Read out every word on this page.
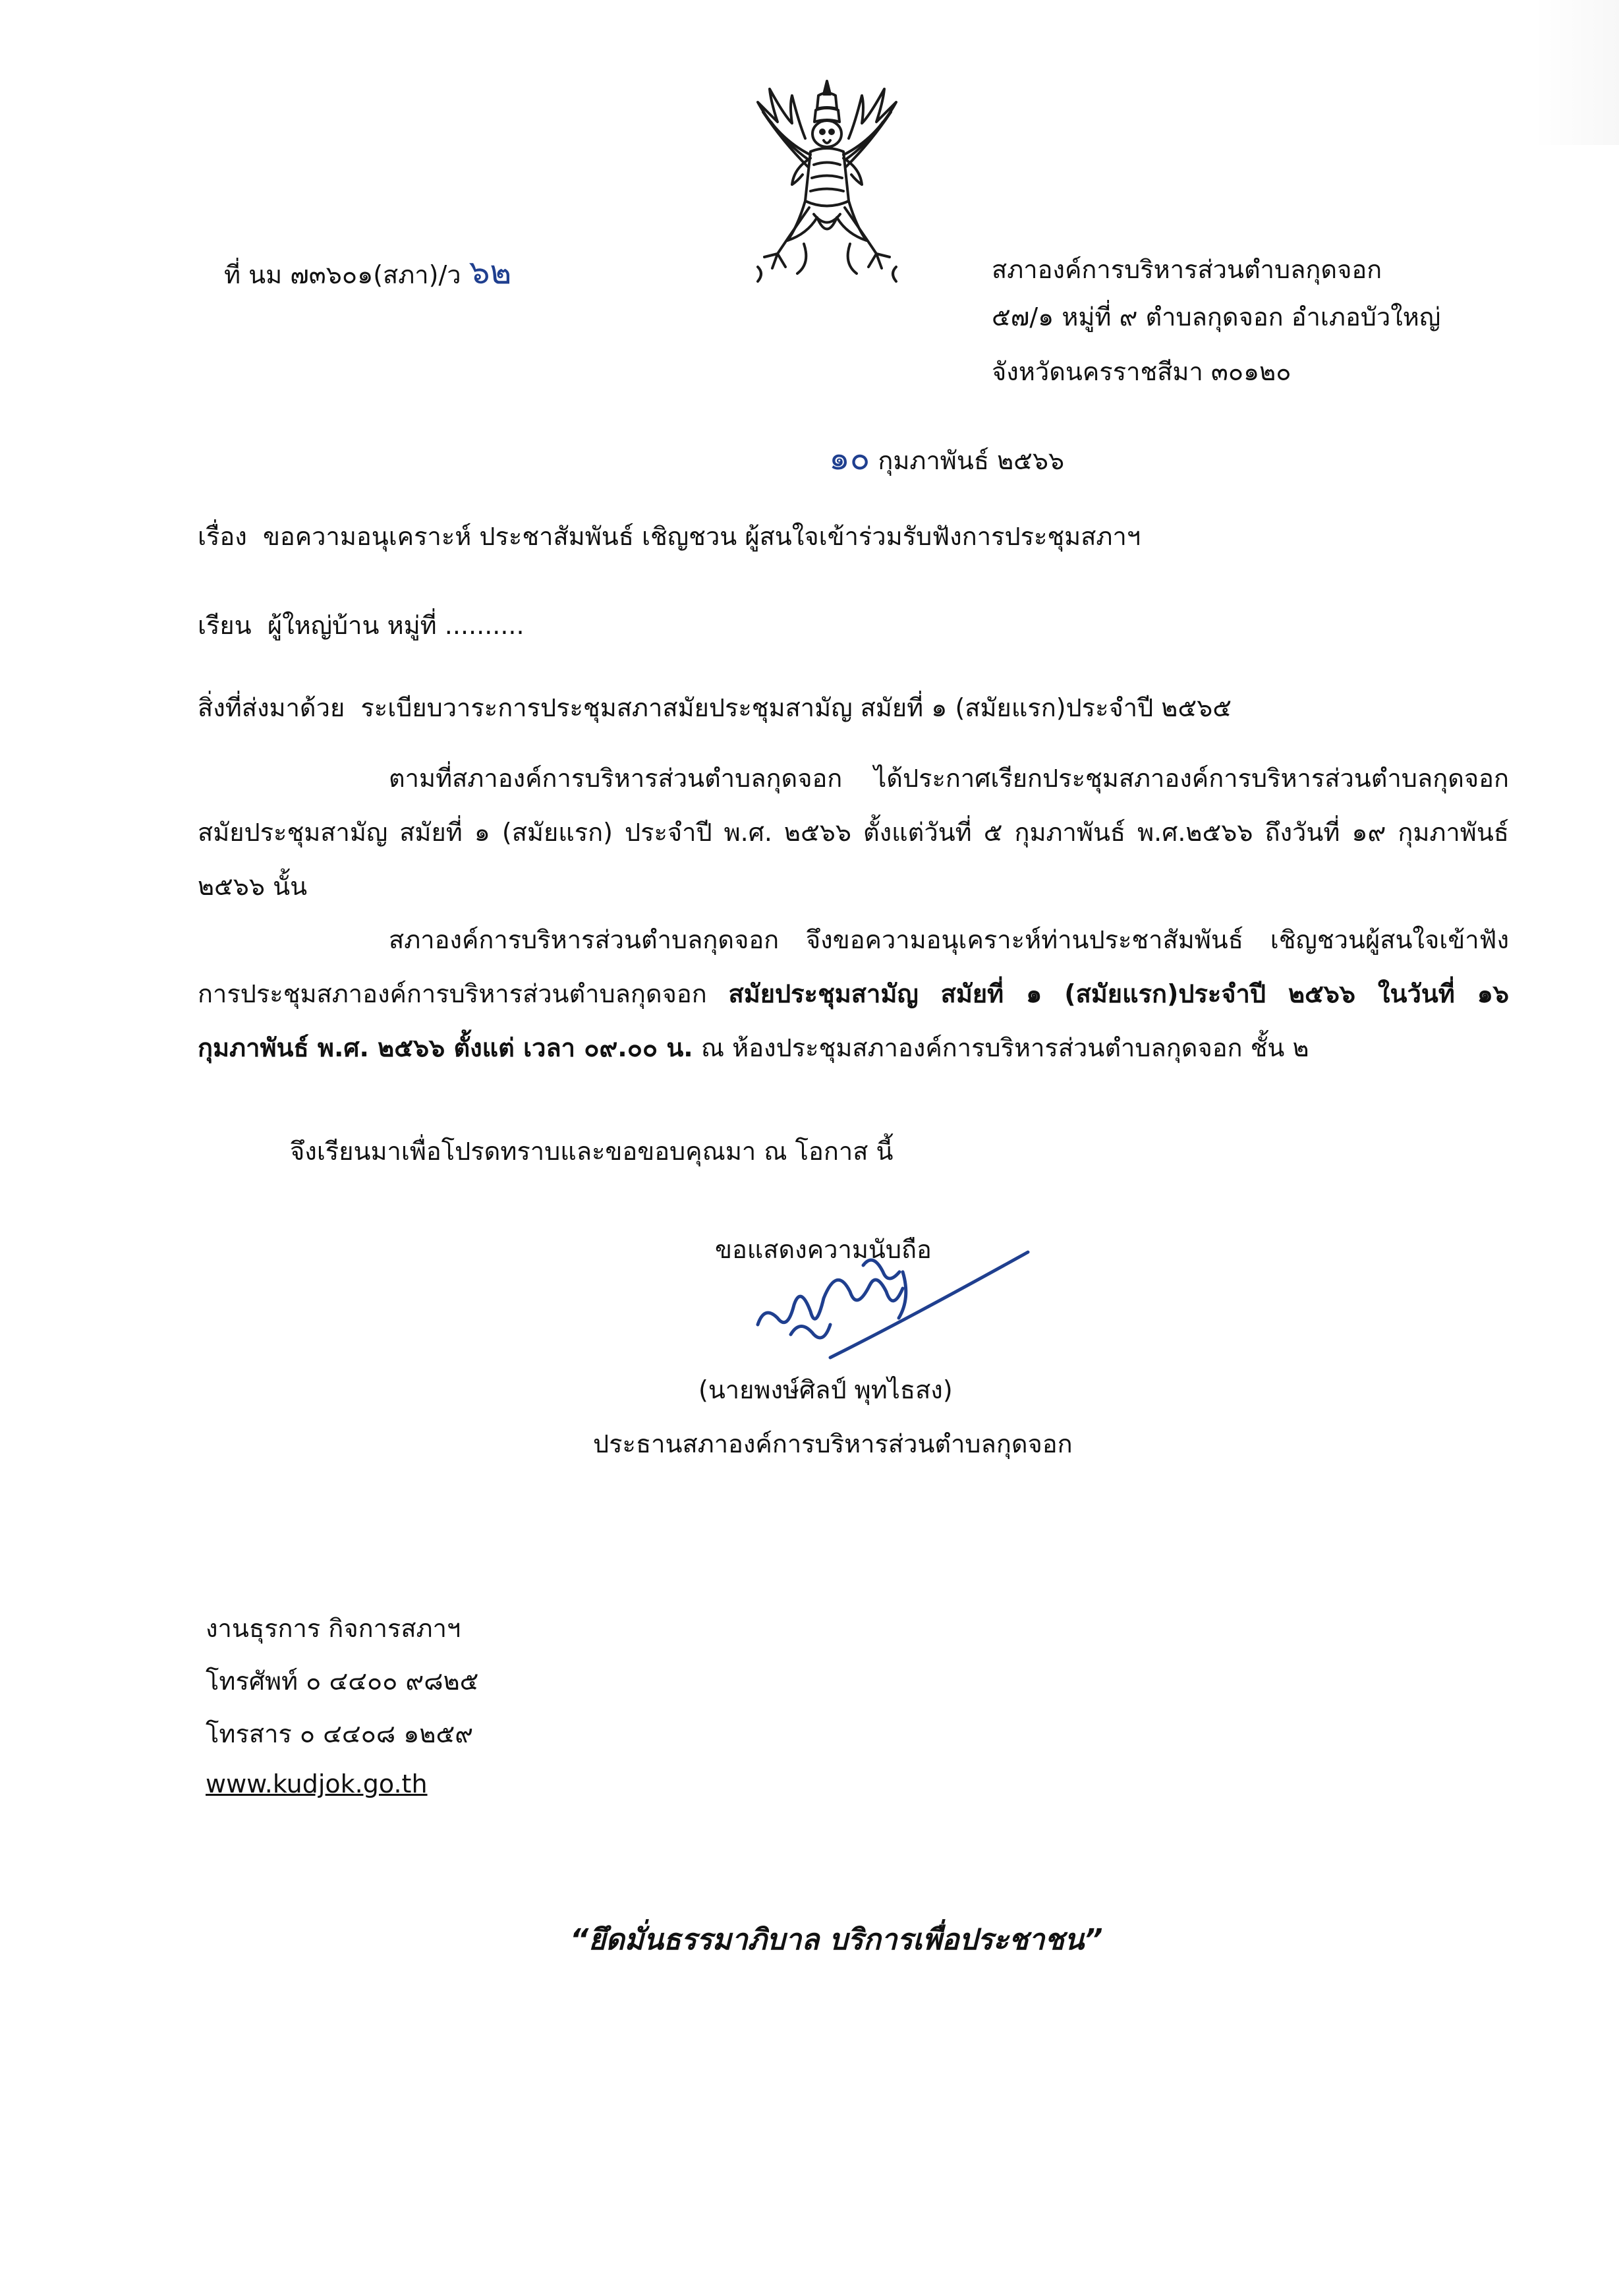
ที่ นม ๗๓๖๐๑(สภา)/ว ๖๒	สภาองค์การบริหารส่วนตำบลกุดจอก
๕๗/๑ หมู่ที่ ๙ ตำบลกุดจอก อำเภอบัวใหญ่
จังหวัดนครราชสีมา ๓๐๑๒๐
๑๐ กุมภาพันธ์ ๒๕๖๖
เรื่อง ขอความอนุเคราะห์ ประชาสัมพันธ์ เชิญชวน ผู้สนใจเข้าร่วมรับฟังการประชุมสภาฯ
เรียน ผู้ใหญ่บ้าน หมู่ที่ ..........
สิ่งที่ส่งมาด้วย ระเบียบวาระการประชุมสภาสมัยประชุมสามัญ สมัยที่ ๑ (สมัยแรก)ประจำปี ๒๕๖๕
ตามที่สภาองค์การบริหารส่วนตำบลกุดจอก ได้ประกาศเรียกประชุมสภาองค์การบริหารส่วนตำบลกุดจอก สมัยประชุมสามัญ สมัยที่ ๑ (สมัยแรก) ประจำปี พ.ศ. ๒๕๖๖ ตั้งแต่วันที่ ๕ กุมภาพันธ์ พ.ศ.๒๕๖๖ ถึงวันที่ ๑๙ กุมภาพันธ์ ๒๕๖๖ นั้น
สภาองค์การบริหารส่วนตำบลกุดจอก จึงขอความอนุเคราะห์ท่านประชาสัมพันธ์ เชิญชวนผู้สนใจเข้าฟังการประชุมสภาองค์การบริหารส่วนตำบลกุดจอก สมัยประชุมสามัญ สมัยที่ ๑ (สมัยแรก)ประจำปี ๒๕๖๖ ในวันที่ ๑๖ กุมภาพันธ์ พ.ศ. ๒๕๖๖ ตั้งแต่ เวลา ๐๙.๐๐ น. ณ ห้องประชุมสภาองค์การบริหารส่วนตำบลกุดจอก ชั้น ๒
จึงเรียนมาเพื่อโปรดทราบและขอขอบคุณมา ณ โอกาส นี้
ขอแสดงความนับถือ
(นายพงษ์ศิลป์ พุทไธสง)
ประธานสภาองค์การบริหารส่วนตำบลกุดจอก
งานธุรการ กิจการสภาฯ
โทรศัพท์ ๐ ๔๔๐๐ ๙๘๒๕
โทรสาร ๐ ๔๔๐๘ ๑๒๕๙
www.kudjok.go.th
“ยึดมั่นธรรมาภิบาล บริการเพื่อประชาชน”
